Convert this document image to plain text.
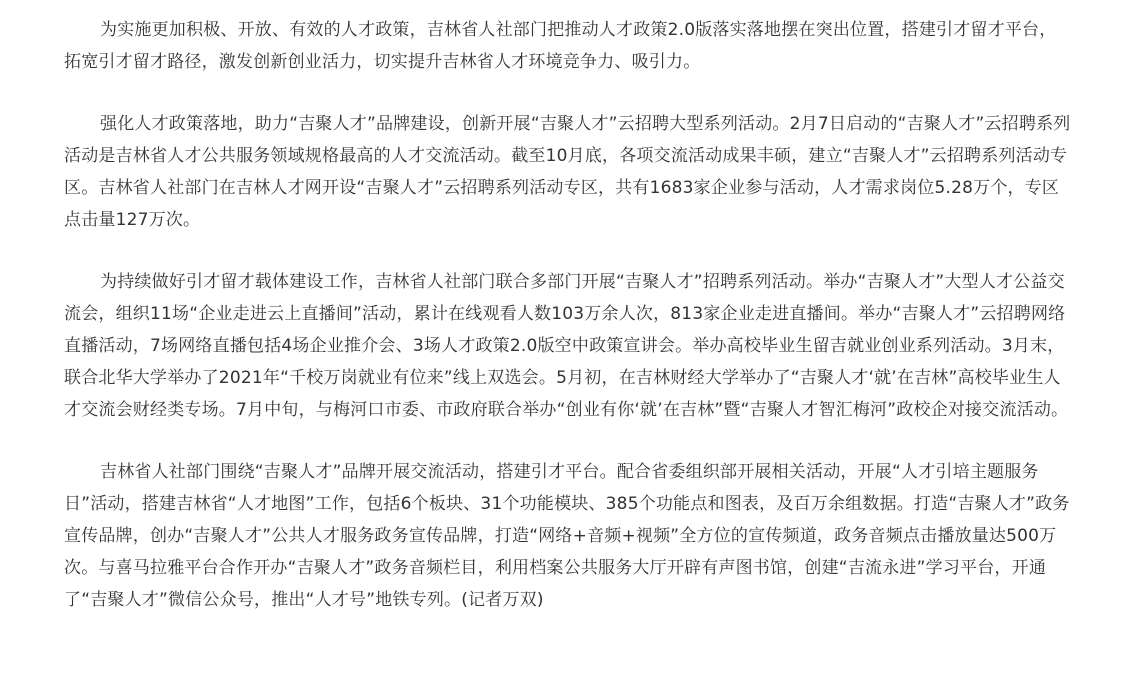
为实施更加积极、开放、有效的人才政策，吉林省人社部门把推动人才政策2.0版落实落地摆在突出位置，搭建引才留才平台，拓宽引才留才路径，激发创新创业活力，切实提升吉林省人才环境竞争力、吸引力。

强化人才政策落地，助力“吉聚人才”品牌建设，创新开展“吉聚人才”云招聘大型系列活动。2月7日启动的“吉聚人才”云招聘系列活动是吉林省人才公共服务领域规格最高的人才交流活动。截至10月底，各项交流活动成果丰硕，建立“吉聚人才”云招聘系列活动专区。吉林省人社部门在吉林人才网开设“吉聚人才”云招聘系列活动专区，共有1683家企业参与活动，人才需求岗位5.28万个，专区点击量127万次。

为持续做好引才留才载体建设工作，吉林省人社部门联合多部门开展“吉聚人才”招聘系列活动。举办“吉聚人才”大型人才公益交流会，组织11场“企业走进云上直播间”活动，累计在线观看人数103万余人次，813家企业走进直播间。举办“吉聚人才”云招聘网络直播活动，7场网络直播包括4场企业推介会、3场人才政策2.0版空中政策宣讲会。举办高校毕业生留吉就业创业系列活动。3月末，联合北华大学举办了2021年“千校万岗就业有位来”线上双选会。5月初，在吉林财经大学举办了“吉聚人才‘就’在吉林”高校毕业生人才交流会财经类专场。7月中旬，与梅河口市委、市政府联合举办“创业有你‘就’在吉林”暨“吉聚人才智汇梅河”政校企对接交流活动。

吉林省人社部门围绕“吉聚人才”品牌开展交流活动，搭建引才平台。配合省委组织部开展相关活动，开展“人才引培主题服务日”活动，搭建吉林省“人才地图”工作，包括6个板块、31个功能模块、385个功能点和图表，及百万余组数据。打造“吉聚人才”政务宣传品牌，创办“吉聚人才”公共人才服务政务宣传品牌，打造“网络+音频+视频”全方位的宣传频道，政务音频点击播放量达500万次。与喜马拉雅平台合作开办“吉聚人才”政务音频栏目，利用档案公共服务大厅开辟有声图书馆，创建“吉流永进”学习平台，开通了“吉聚人才”微信公众号，推出“人才号”地铁专列。(记者万双)
